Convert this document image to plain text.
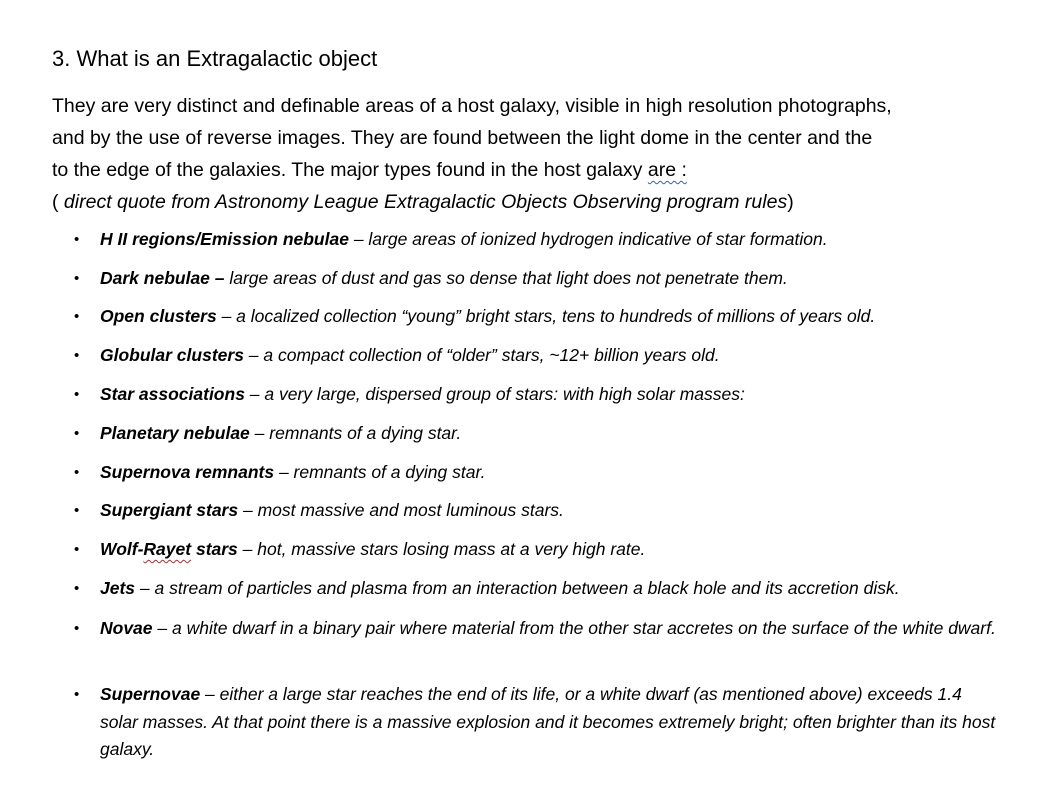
3. What is an Extragalactic object

They are very distinct and definable areas of a host galaxy, visible in high resolution photographs,
and by the use of reverse images. They are found between the light dome in the center and the
to the edge of the galaxies. The major types found in the host galaxy are :
( direct quote from Astronomy League Extragalactic Objects Observing program rules)

• H II regions/Emission nebulae – large areas of ionized hydrogen indicative of star formation.
• Dark nebulae – large areas of dust and gas so dense that light does not penetrate them.
• Open clusters – a localized collection “young” bright stars, tens to hundreds of millions of years old.
• Globular clusters – a compact collection of “older” stars, ~12+ billion years old.
• Star associations – a very large, dispersed group of stars: with high solar masses:
• Planetary nebulae – remnants of a dying star.
• Supernova remnants – remnants of a dying star.
• Supergiant stars – most massive and most luminous stars.
• Wolf-Rayet stars – hot, massive stars losing mass at a very high rate.
• Jets – a stream of particles and plasma from an interaction between a black hole and its accretion disk.
• Novae – a white dwarf in a binary pair where material from the other star accretes on the surface of the white dwarf.
• Supernovae – either a large star reaches the end of its life, or a white dwarf (as mentioned above) exceeds 1.4 solar masses. At that point there is a massive explosion and it becomes extremely bright; often brighter than its host galaxy.
